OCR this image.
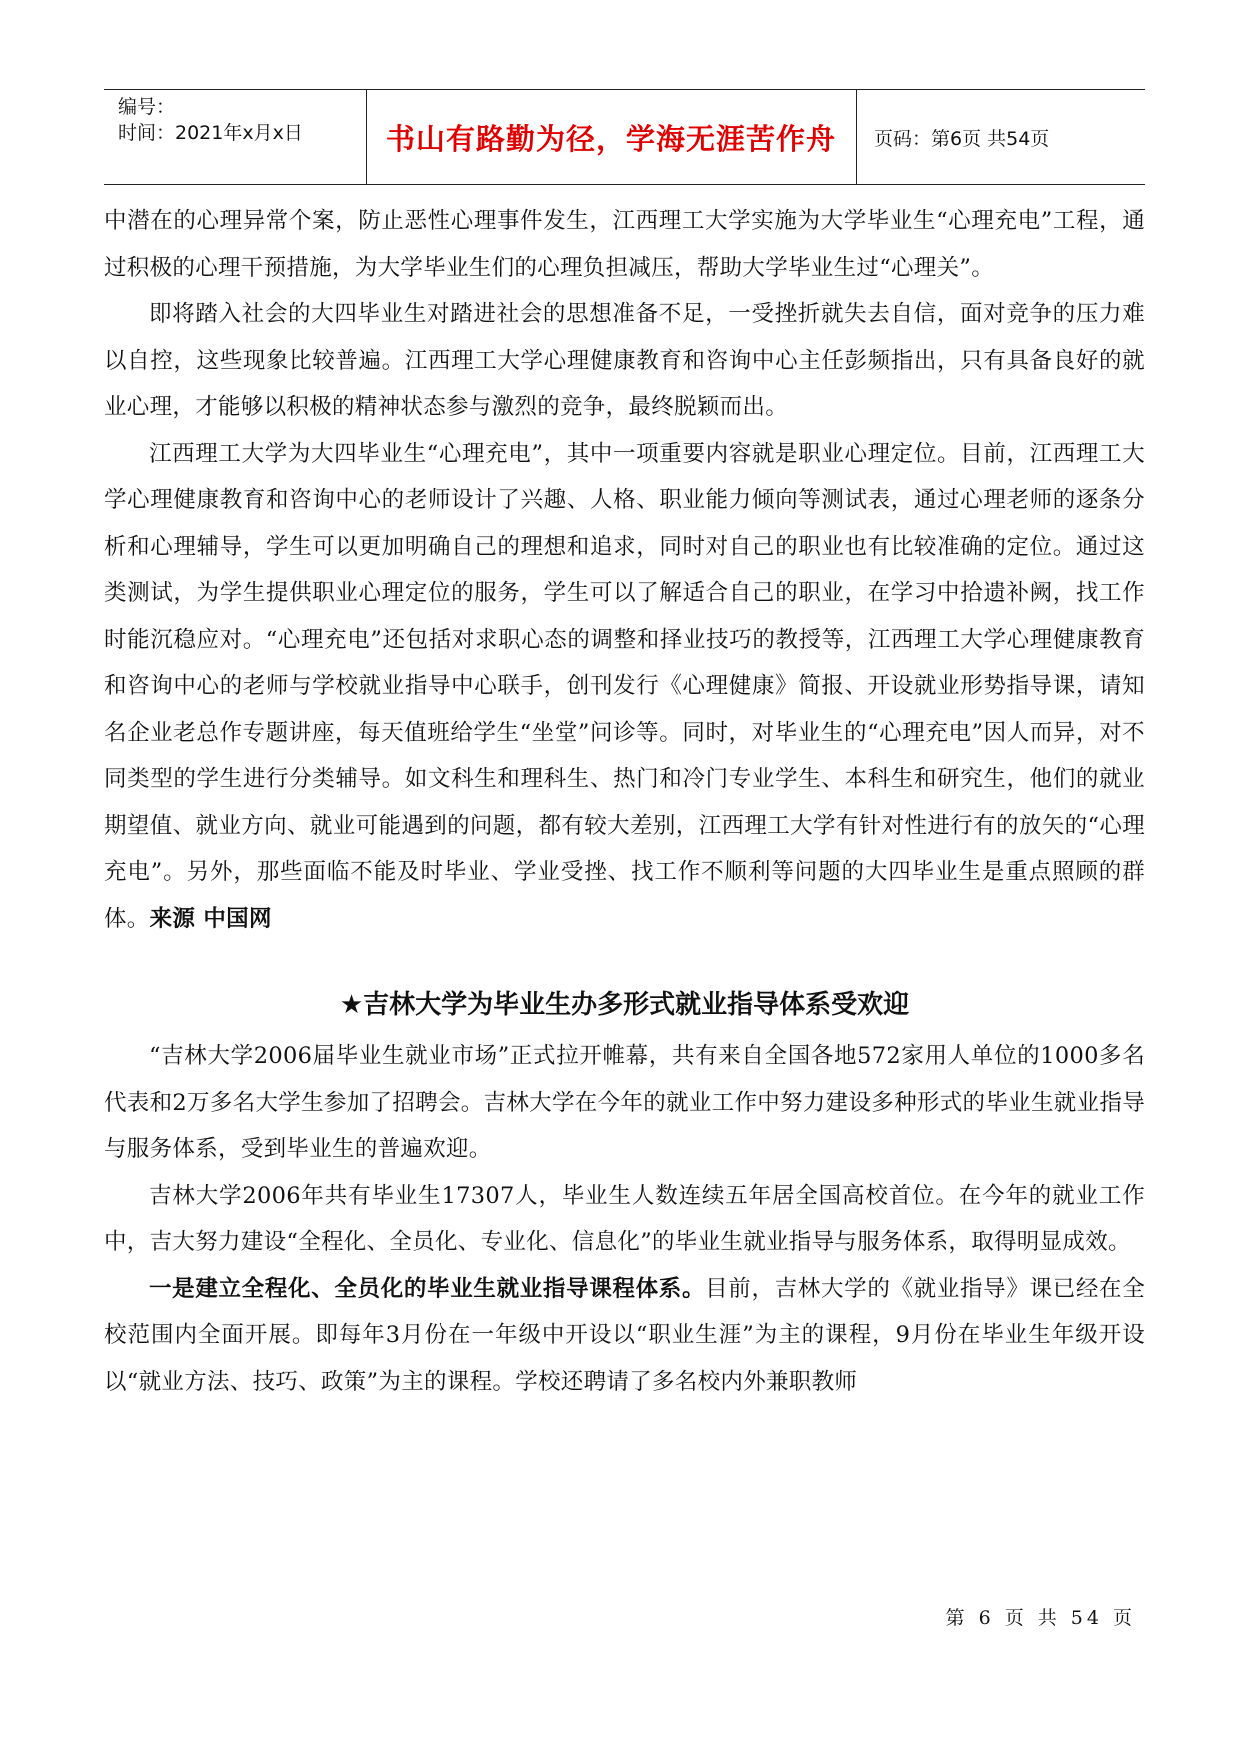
编号：
时间：2021年x月x日	书山有路勤为径，学海无涯苦作舟 页码：第6页 共54页

中潜在的心理异常个案，防止恶性心理事件发生，江西理工大学实施为大学毕业生“心理充电”工程，通过积极的心理干预措施，为大学毕业生们的心理负担减压，帮助大学毕业生过“心理关”。

即将踏入社会的大四毕业生对踏进社会的思想准备不足，一受挫折就失去自信，面对竞争的压力难以自控，这些现象比较普遍。江西理工大学心理健康教育和咨询中心主任彭频指出，只有具备良好的就业心理，才能够以积极的精神状态参与激烈的竞争，最终脱颖而出。

江西理工大学为大四毕业生“心理充电”，其中一项重要内容就是职业心理定位。目前，江西理工大学心理健康教育和咨询中心的老师设计了兴趣、人格、职业能力倾向等测试表，通过心理老师的逐条分析和心理辅导，学生可以更加明确自己的理想和追求，同时对自己的职业也有比较准确的定位。通过这类测试，为学生提供职业心理定位的服务，学生可以了解适合自己的职业，在学习中拾遗补阙，找工作时能沉稳应对。“心理充电”还包括对求职心态的调整和择业技巧的教授等，江西理工大学心理健康教育和咨询中心的老师与学校就业指导中心联手，创刊发行《心理健康》简报、开设就业形势指导课，请知名企业老总作专题讲座，每天值班给学生“坐堂”问诊等。同时，对毕业生的“心理充电”因人而异，对不同类型的学生进行分类辅导。如文科生和理科生、热门和冷门专业学生、本科生和研究生，他们的就业期望值、就业方向、就业可能遇到的问题，都有较大差别，江西理工大学有针对性进行有的放矢的“心理充电”。另外，那些面临不能及时毕业、学业受挫、找工作不顺利等问题的大四毕业生是重点照顾的群体。来源 中国网

★吉林大学为毕业生办多形式就业指导体系受欢迎

“吉林大学2006届毕业生就业市场”正式拉开帷幕，共有来自全国各地572家用人单位的1000多名代表和2万多名大学生参加了招聘会。吉林大学在今年的就业工作中努力建设多种形式的毕业生就业指导与服务体系，受到毕业生的普遍欢迎。

吉林大学2006年共有毕业生17307人，毕业生人数连续五年居全国高校首位。在今年的就业工作中，吉大努力建设“全程化、全员化、专业化、信息化”的毕业生就业指导与服务体系，取得明显成效。

一是建立全程化、全员化的毕业生就业指导课程体系。目前，吉林大学的《就业指导》课已经在全校范围内全面开展。即每年3月份在一年级中开设以“职业生涯”为主的课程，9月份在毕业生年级开设以“就业方法、技巧、政策”为主的课程。学校还聘请了多名校内外兼职教师

第 6 页 共 54 页
